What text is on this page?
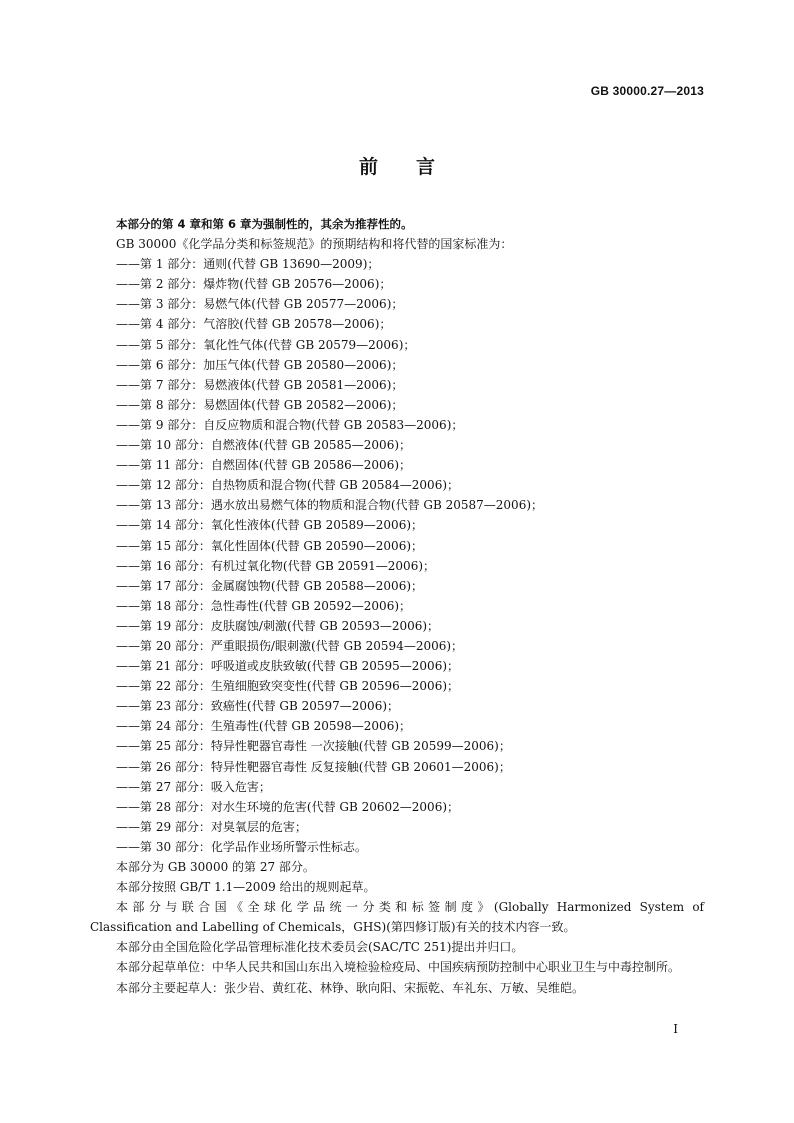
GB 30000.27—2013
前言

本部分的第 4 章和第 6 章为强制性的，其余为推荐性的。

GB 30000《化学品分类和标签规范》的预期结构和将代替的国家标准为：

——第 1 部分：通则(代替 GB 13690—2009)；

——第 2 部分：爆炸物(代替 GB 20576—2006)；

——第 3 部分：易燃气体(代替 GB 20577—2006)；

——第 4 部分：气溶胶(代替 GB 20578—2006)；

——第 5 部分：氧化性气体(代替 GB 20579—2006)；

——第 6 部分：加压气体(代替 GB 20580—2006)；

——第 7 部分：易燃液体(代替 GB 20581—2006)；

——第 8 部分：易燃固体(代替 GB 20582—2006)；

——第 9 部分：自反应物质和混合物(代替 GB 20583—2006)；

——第 10 部分：自燃液体(代替 GB 20585—2006)；

——第 11 部分：自燃固体(代替 GB 20586—2006)；

——第 12 部分：自热物质和混合物(代替 GB 20584—2006)；

——第 13 部分：遇水放出易燃气体的物质和混合物(代替 GB 20587—2006)；

——第 14 部分：氧化性液体(代替 GB 20589—2006)；

——第 15 部分：氧化性固体(代替 GB 20590—2006)；

——第 16 部分：有机过氧化物(代替 GB 20591—2006)；

——第 17 部分：金属腐蚀物(代替 GB 20588—2006)；

——第 18 部分：急性毒性(代替 GB 20592—2006)；

——第 19 部分：皮肤腐蚀/刺激(代替 GB 20593—2006)；

——第 20 部分：严重眼损伤/眼刺激(代替 GB 20594—2006)；

——第 21 部分：呼吸道或皮肤致敏(代替 GB 20595—2006)；

——第 22 部分：生殖细胞致突变性(代替 GB 20596—2006)；

——第 23 部分：致癌性(代替 GB 20597—2006)；

——第 24 部分：生殖毒性(代替 GB 20598—2006)；

——第 25 部分：特异性靶器官毒性 一次接触(代替 GB 20599—2006)；

——第 26 部分：特异性靶器官毒性 反复接触(代替 GB 20601—2006)；

——第 27 部分：吸入危害；

——第 28 部分：对水生环境的危害(代替 GB 20602—2006)；

——第 29 部分：对臭氧层的危害；

——第 30 部分：化学品作业场所警示性标志。

本部分为 GB 30000 的第 27 部分。

本部分按照 GB/T 1.1—2009 给出的规则起草。

本部分与联合国《全球化学品统一分类和标签制度》(Globally Harmonized System of

Classification and Labelling of Chemicals，GHS)(第四修订版)有关的技术内容一致。

本部分由全国危险化学品管理标准化技术委员会(SAC/TC 251)提出并归口。

本部分起草单位：中华人民共和国山东出入境检验检疫局、中国疾病预防控制中心职业卫生与中毒控制所。

本部分主要起草人：张少岩、黄红花、林铮、耿向阳、宋振乾、车礼东、万敏、吴维皑。

I
